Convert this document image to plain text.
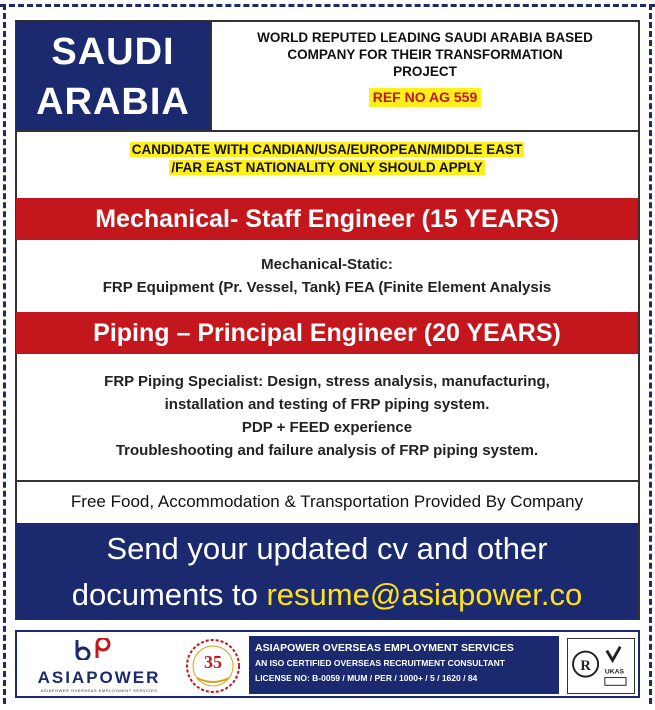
SAUDI
ARABIA
WORLD REPUTED LEADING SAUDI ARABIA BASED
COMPANY FOR THEIR TRANSFORMATION
PROJECT
REF NO AG 559
CANDIDATE WITH CANDIAN/USA/EUROPEAN/MIDDLE EAST
/FAR EAST NATIONALITY ONLY SHOULD APPLY
Mechanical- Staff Engineer (15 YEARS)
Mechanical-Static:
FRP Equipment (Pr. Vessel, Tank) FEA (Finite Element Analysis
Piping – Principal Engineer (20 YEARS)
FRP Piping Specialist: Design, stress analysis, manufacturing,
installation and testing of FRP piping system.
PDP + FEED experience
Troubleshooting and failure analysis of FRP piping system.
Free Food, Accommodation & Transportation Provided By Company
Send your updated cv and other
documents to resume@asiapower.co
ASIAPOWER
ASIAPOWER OVERSEAS EMPLOYMENT SERVICES
35
ASIAPOWER OVERSEAS EMPLOYMENT SERVICES
AN ISO CERTIFIED OVERSEAS RECRUITMENT CONSULTANT
LICENSE NO: B-0059 / MUM / PER / 1000+ / 5 / 1620 / 84
R UKAS
